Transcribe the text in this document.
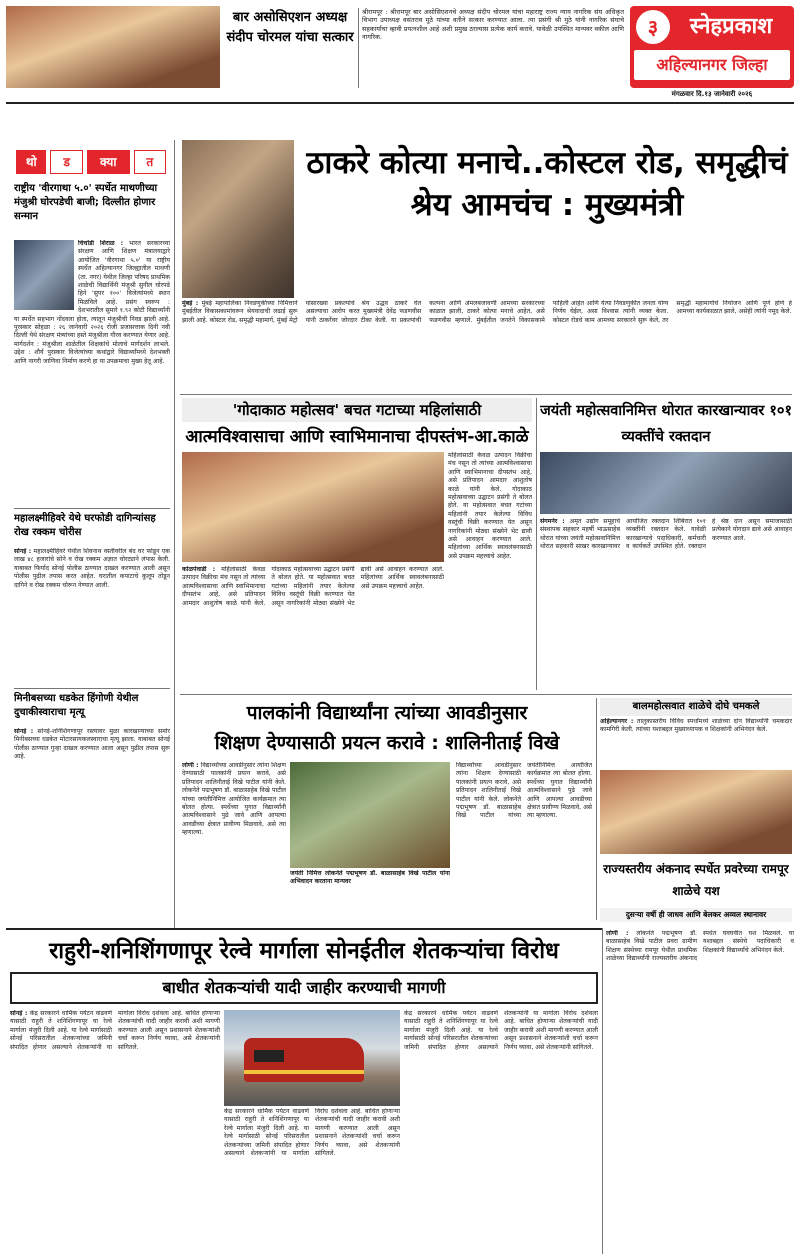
बार असोसिएशन अध्यक्ष संदीप चोरमल यांचा सत्कार
श्रीरामपूर : श्रीरामपूर बार असोसिएशनचे अध्यक्ष संदीप चोरमल यांचा महाराष्ट्र राज्य न्याय नागरिक संघ अधिकृत विभाग उपाध्यक्ष वसंतराव मुठे यांच्या वतीने सत्कार करण्यात आला. त्या प्रसंगी श्री मुठे यांनी नागरिक संघाचे सहकार्याचा व्हावी प्रयत्नशील आहे अशी प्रमुख ठरल्यास प्रत्येक कार्य करावे. यावेळी उपस्थित मान्यवर वकील आणि नागरिक.	३	स्नेहप्रकाश
अहिल्यानगर जिल्हा
मंगळवार दि.१३ जानेवारी २०२६
थो	ड	क्या	त
राष्ट्रीय 'वीरगाथा ५.०' स्पर्धेत माथणीच्या मंजुश्री घोरपडेची बाजी; दिल्लीत होणार सन्मान
चिचोंडी शिराळ : भारत सरकारच्या संरक्षण आणि शिक्षण मंत्रालयाद्वारे आयोजित 'वीरगाथा ५.०' या राष्ट्रीय स्पर्धेत अहिल्यानगर जिल्ह्यातील माथणी (ता. नगर) येथील जिल्हा परिषद प्राथमिक शाळेची विद्यार्थिनी मंजुश्री सुनील घोरपडे हिने 'सुपर १००' विजेत्यांमध्ये स्थान मिळविले आहे. प्रसंग स्वरूप : देशभरातील सुमारे १.९२ कोटी विद्यार्थ्यांनी या स्पर्धेत सहभाग नोंदवला होता, त्यातून मंजुश्रीची निवड झाली आहे. पुरस्कार सोहळा : २६ जानेवारी २०२६ रोजी प्रजासत्ताक दिनी नवी दिल्ली येथे संरक्षण मंत्र्यांच्या हस्ते मंजुश्रीला गौरव करण्यात येणार आहे. मार्गदर्शन : मंजुश्रीला शाळेतील शिक्षकांचे मोलाचे मार्गदर्शन लाभले. उद्देश : शौर्य पुरस्कार विजेत्यांच्या कथांद्वारे विद्यार्थ्यांमध्ये देशभक्ती आणि नागरी जाणिवा निर्माण करणे हा या उपक्रमाचा मुख्य हेतू आहे.
महालक्ष्मीहिवरे येथे घरफोडी दागिन्यांसह रोख रक्कम चोरीस
सोनई : महालक्ष्मीहिवरे येथील शिवनाथ वस्तीवरील बंद घर फोडून एक लाख ४८ हजारांचे सोने व रोख रक्कम अज्ञात चोरट्याने लंपास केली. याबाबत फिर्याद सोनई पोलीस ठाण्यात दाखल करण्यात आली असून पोलीस पुढील तपास करत आहेत. घरातील कपाटाचे कुलूप तोडून दागिने व रोख रक्कम चोरून नेण्यात आली.
मिनीबसच्या धडकेत हिंगोणी येथील दुचाकीस्वाराचा मृत्यू
सोनई : सोनई-शनिशिंगणापूर रस्त्यावर मुळा कारखान्याच्या समोर मिनीबसच्या धडकेत मोटारसायकलस्वाराचा मृत्यू झाला. याबाबत सोनई पोलीस ठाण्यात गुन्हा दाखल करण्यात आला असून पुढील तपास सुरू आहे.
ठाकरे कोत्या मनाचे..कोस्टल रोड, समृद्धीचं श्रेय आमचंच : मुख्यमंत्री
मुंबई : मुंबई महापालिका निवडणुकीच्या निमित्ताने मुंबईतील विकासकामांवरून श्रेयवादाची लढाई सुरू झाली आहे. कोस्टल रोड, समृद्धी महामार्ग, मुंबई मेट्रो यांसारख्या प्रकल्पांचे श्रेय उद्धव ठाकरे घेत असल्याचा आरोप करत मुख्यमंत्री देवेंद्र फडणवीस यांनी ठाकरेंवर जोरदार टीका केली. या प्रकल्पांची कल्पना आणि अंमलबजावणी आमच्या सरकारच्या काळात झाली, ठाकरे कोत्या मनाचे आहेत, असे फडणवीस म्हणाले. मुंबईतील जनतेने विकासकामे पाहिली आहेत आणि येत्या निवडणुकीत जनता योग्य निर्णय घेईल, असा विश्वास त्यांनी व्यक्त केला. कोस्टल रोडचे काम आमच्या सरकारने सुरू केले, तर समृद्धी महामार्गाचे नियोजन आणि पूर्ण होणे हे आमच्या कार्यकाळात झाले, असेही त्यांनी नमूद केले.
'गोदाकाठ महोत्सव' बचत गटाच्या महिलांसाठी
आत्मविश्वासाचा आणि स्वाभिमानाचा दीपस्तंभ-आ.काळे
महिलांसाठी केवळ उत्पादन विक्रीचा मंच नसून तो त्यांच्या आत्मविश्वासाचा आणि स्वाभिमानाचा दीपस्तंभ आहे, असे प्रतिपादन आमदार आशुतोष काळे यांनी केले. गोदाकाठ महोत्सवाच्या उद्घाटन प्रसंगी ते बोलत होते. या महोत्सवात बचत गटांच्या महिलांनी तयार केलेल्या विविध वस्तूंची विक्री करण्यात येत असून नागरिकांनी मोठ्या संख्येने भेट द्यावी असे आवाहन करण्यात आले. महिलांच्या आर्थिक स्वावलंबनासाठी असे उपक्रम महत्त्वाचे आहेत.
कोळपेवाडी : महिलांसाठी केवळ उत्पादन विक्रीचा मंच नसून तो त्यांच्या आत्मविश्वासाचा आणि स्वाभिमानाचा दीपस्तंभ आहे, असे प्रतिपादन आमदार आशुतोष काळे यांनी केले. गोदाकाठ महोत्सवाच्या उद्घाटन प्रसंगी ते बोलत होते. या महोत्सवात बचत गटांच्या महिलांनी तयार केलेल्या विविध वस्तूंची विक्री करण्यात येत असून नागरिकांनी मोठ्या संख्येने भेट द्यावी असे आवाहन करण्यात आले. महिलांच्या आर्थिक स्वावलंबनासाठी असे उपक्रम महत्त्वाचे आहेत.
जयंती महोत्सवानिमित्त थोरात कारखान्यावर १०१ व्यक्तींचे रक्तदान
संगमनेर : अमृत उद्योग समूहाचे संस्थापक सहकार महर्षी भाऊसाहेब थोरात यांच्या जयंती महोत्सवानिमित्त थोरात सहकारी साखर कारखान्यावर आयोजित रक्तदान शिबिरात १०१ व्यक्तींनी रक्तदान केले. यावेळी कारखान्याचे पदाधिकारी, कर्मचारी व कार्यकर्ते उपस्थित होते. रक्तदान हे श्रेष्ठ दान असून समाजासाठी प्रत्येकाने योगदान द्यावे असे आवाहन करण्यात आले.
पालकांनी विद्यार्थ्यांना त्यांच्या आवडीनुसार
शिक्षण देण्यासाठी प्रयत्न करावे : शालिनीताई विखे
लोणी : विद्यार्थ्यांच्या आवडीनुसार त्यांना शिक्षण देण्यासाठी पालकांनी प्रयत्न करावे, असे प्रतिपादन शालिनीताई विखे पाटील यांनी केले. लोकनेते पद्मभूषण डॉ. बाळासाहेब विखे पाटील यांच्या जयंतीनिमित्त आयोजित कार्यक्रमात त्या बोलत होत्या. स्पर्धेच्या युगात विद्यार्थ्यांनी आत्मविश्वासाने पुढे जावे आणि आपल्या आवडीच्या क्षेत्रात प्रावीण्य मिळवावे, असे त्या म्हणाल्या.
जयंती निमित्त लोकनेते पद्मभूषण डॉ. बाळासाहेब विखे पाटील यांना अभिवादन करताना मान्यवर
विद्यार्थ्यांच्या आवडीनुसार त्यांना शिक्षण देण्यासाठी पालकांनी प्रयत्न करावे, असे प्रतिपादन शालिनीताई विखे पाटील यांनी केले. लोकनेते पद्मभूषण डॉ. बाळासाहेब विखे पाटील यांच्या जयंतीनिमित्त आयोजित कार्यक्रमात त्या बोलत होत्या. स्पर्धेच्या युगात विद्यार्थ्यांनी आत्मविश्वासाने पुढे जावे आणि आपल्या आवडीच्या क्षेत्रात प्रावीण्य मिळवावे, असे त्या म्हणाल्या.
बालमहोत्सवात शाळेचे दोघे चमकले
अहिल्यानगर : तालुकास्तरीय विविध स्पर्धांमध्ये शाळेच्या दोन विद्यार्थ्यांनी चमकदार कामगिरी केली. त्यांच्या यशाबद्दल मुख्याध्यापक व शिक्षकांनी अभिनंदन केले.
राज्यस्तरीय अंकनाद स्पर्धेत प्रवरेच्या रामपूर शाळेचे यश
दुसऱ्या वर्षी ही जाधव आणि बेलकर अव्वल स्थानावर
राहुरी-शनिशिंगणापूर रेल्वे मार्गाला सोनईतील शेतकऱ्यांचा विरोध
बाधीत शेतकऱ्यांची यादी जाहीर करण्याची मागणी
सोनई : केंद्र सरकारने धार्मिक पर्यटन वाढवणे यासाठी राहुरी ते शनिशिंगणापूर या रेल्वे मार्गाला मंजुरी दिली आहे. या रेल्वे मार्गासाठी सोनई परिसरातील शेतकऱ्यांच्या जमिनी संपादित होणार असल्याने शेतकऱ्यांनी या मार्गाला विरोध दर्शवला आहे. बाधित होणाऱ्या शेतकऱ्यांची यादी जाहीर करावी अशी मागणी करण्यात आली असून प्रशासनाने शेतकऱ्यांशी चर्चा करून निर्णय घ्यावा, असे शेतकऱ्यांनी सांगितले.
केंद्र सरकारने धार्मिक पर्यटन वाढवणे यासाठी राहुरी ते शनिशिंगणापूर या रेल्वे मार्गाला मंजुरी दिली आहे. या रेल्वे मार्गासाठी सोनई परिसरातील शेतकऱ्यांच्या जमिनी संपादित होणार असल्याने शेतकऱ्यांनी या मार्गाला विरोध दर्शवला आहे. बाधित होणाऱ्या शेतकऱ्यांची यादी जाहीर करावी अशी मागणी करण्यात आली असून प्रशासनाने शेतकऱ्यांशी चर्चा करून निर्णय घ्यावा, असे शेतकऱ्यांनी सांगितले.
केंद्र सरकारने धार्मिक पर्यटन वाढवणे यासाठी राहुरी ते शनिशिंगणापूर या रेल्वे मार्गाला मंजुरी दिली आहे. या रेल्वे मार्गासाठी सोनई परिसरातील शेतकऱ्यांच्या जमिनी संपादित होणार असल्याने शेतकऱ्यांनी या मार्गाला विरोध दर्शवला आहे. बाधित होणाऱ्या शेतकऱ्यांची यादी जाहीर करावी अशी मागणी करण्यात आली असून प्रशासनाने शेतकऱ्यांशी चर्चा करून निर्णय घ्यावा, असे शेतकऱ्यांनी सांगितले.
लोणी : लोकनेते पद्मभूषण डॉ. बाळासाहेब विखे पाटील प्रवरा ग्रामीण शिक्षण संस्थेच्या रामपूर येथील प्राथमिक शाळेच्या विद्यार्थ्यांनी राज्यस्तरीय अंकनाद स्पर्धेत घवघवीत यश मिळवले. या यशाबद्दल संस्थेचे पदाधिकारी व शिक्षकांनी विद्यार्थ्यांचे अभिनंदन केले.
